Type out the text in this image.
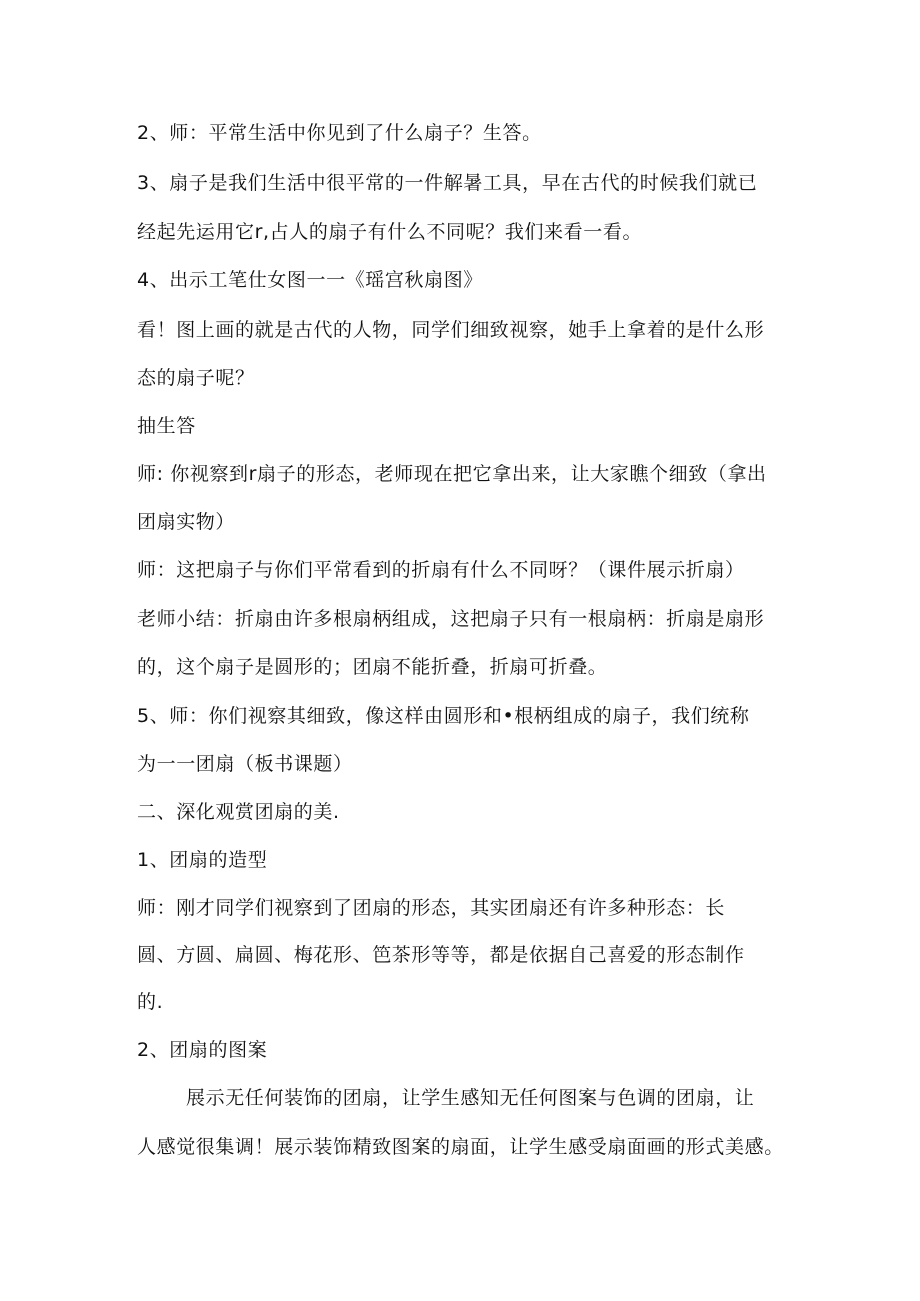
2、师：平常生活中你见到了什么扇子？生答。
3、扇子是我们生活中很平常的一件解暑工具，早在古代的时候我们就已
经起先运用它r,占人的扇子有什么不同呢？我们来看一看。
4、出示工笔仕女图一一《瑶宫秋扇图》
看！图上画的就是古代的人物，同学们细致视察，她手上拿着的是什么形
态的扇子呢？
抽生答
师: 你视察到r扇子的形态，老师现在把它拿出来，让大家瞧个细致（拿出
团扇实物）
师：这把扇子与你们平常看到的折扇有什么不同呀？（课件展示折扇）
老师小结：折扇由许多根扇柄组成，这把扇子只有一根扇柄：折扇是扇形
的，这个扇子是圆形的；团扇不能折叠，折扇可折叠。
5、师：你们视察其细致，像这样由圆形和•根柄组成的扇子，我们统称
为一一团扇（板书课题）
二、深化观赏团扇的美.
1、团扇的造型
师：刚才同学们视察到了团扇的形态，其实团扇还有许多种形态：长
圆、方圆、扁圆、梅花形、笆茶形等等，都是依据自己喜爱的形态制作
的.
2、团扇的图案
展示无任何装饰的团扇，让学生感知无任何图案与色调的团扇，让
人感觉很集调！展示装饰精致图案的扇面，让学生感受扇面画的形式美感。
